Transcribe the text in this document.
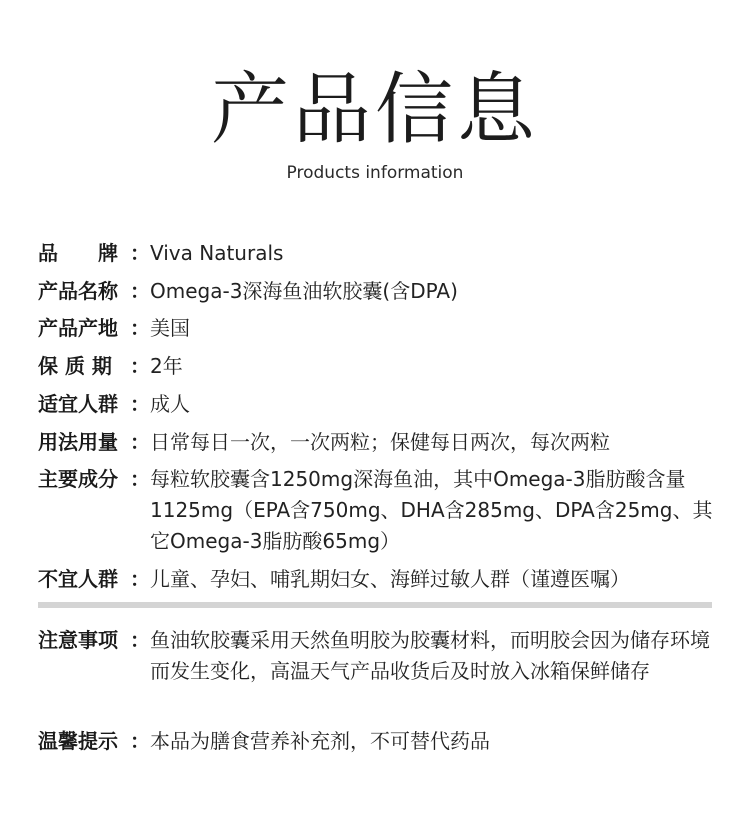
产品信息
Products information
品　　牌 ： Viva Naturals
产品名称 ： Omega-3深海鱼油软胶囊(含DPA)
产品产地 ： 美国
保 质 期 ： 2年
适宜人群 ： 成人
用法用量 ： 日常每日一次，一次两粒；保健每日两次，每次两粒
主要成分 ： 每粒软胶囊含1250mg深海鱼油，其中Omega-3脂肪酸含量1125mg（EPA含750mg、DHA含285mg、DPA含25mg、其它Omega-3脂肪酸65mg）
不宜人群 ： 儿童、孕妇、哺乳期妇女、海鲜过敏人群（谨遵医嘱）
注意事项 ： 鱼油软胶囊采用天然鱼明胶为胶囊材料，而明胶会因为储存环境而发生变化，高温天气产品收货后及时放入冰箱保鲜储存
温馨提示 ： 本品为膳食营养补充剂，不可替代药品
